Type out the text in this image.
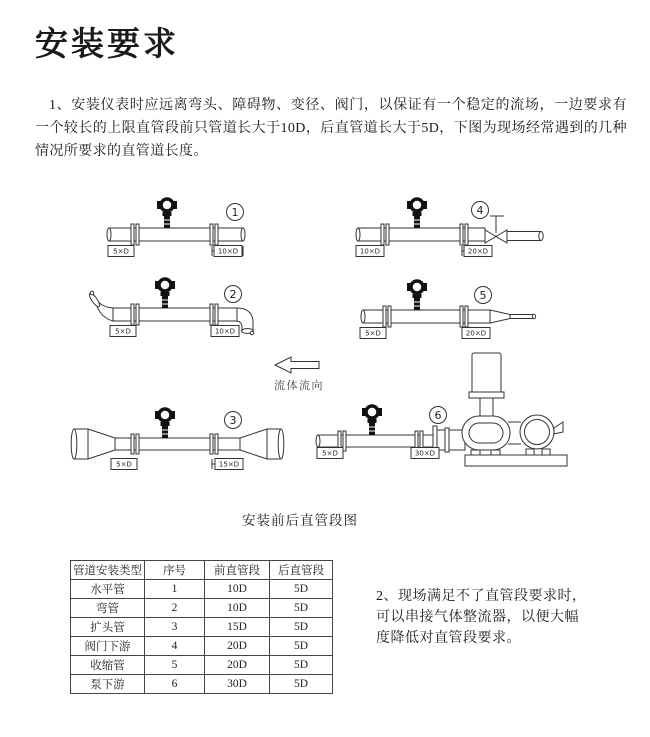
安装要求

1、安装仪表时应远离弯头、障碍物、变径、阀门，以保证有一个稳定的流场，一边要求有一个较长的上限直管段前只管道长大于10D，后直管道长大于5D，下图为现场经常遇到的几种情况所要求的直管道长度。

5×D	10×D
1
5×D	10×D
2
5×D	15×D
3
10×D	20×D
4
5×D	20×D
5
5×D	30×D
6
流体流向
安装前后直管段图
管道安装类型	序号	前直管段	后直管段
水平管	1	10D	5D
弯管	2	10D	5D
扩头管	3	15D	5D
阀门下游	4	20D	5D
收缩管	5	20D	5D
泵下游	6	30D	5D
2、现场满足不了直管段要求时，
可以串接气体整流器，以便大幅
度降低对直管段要求。
